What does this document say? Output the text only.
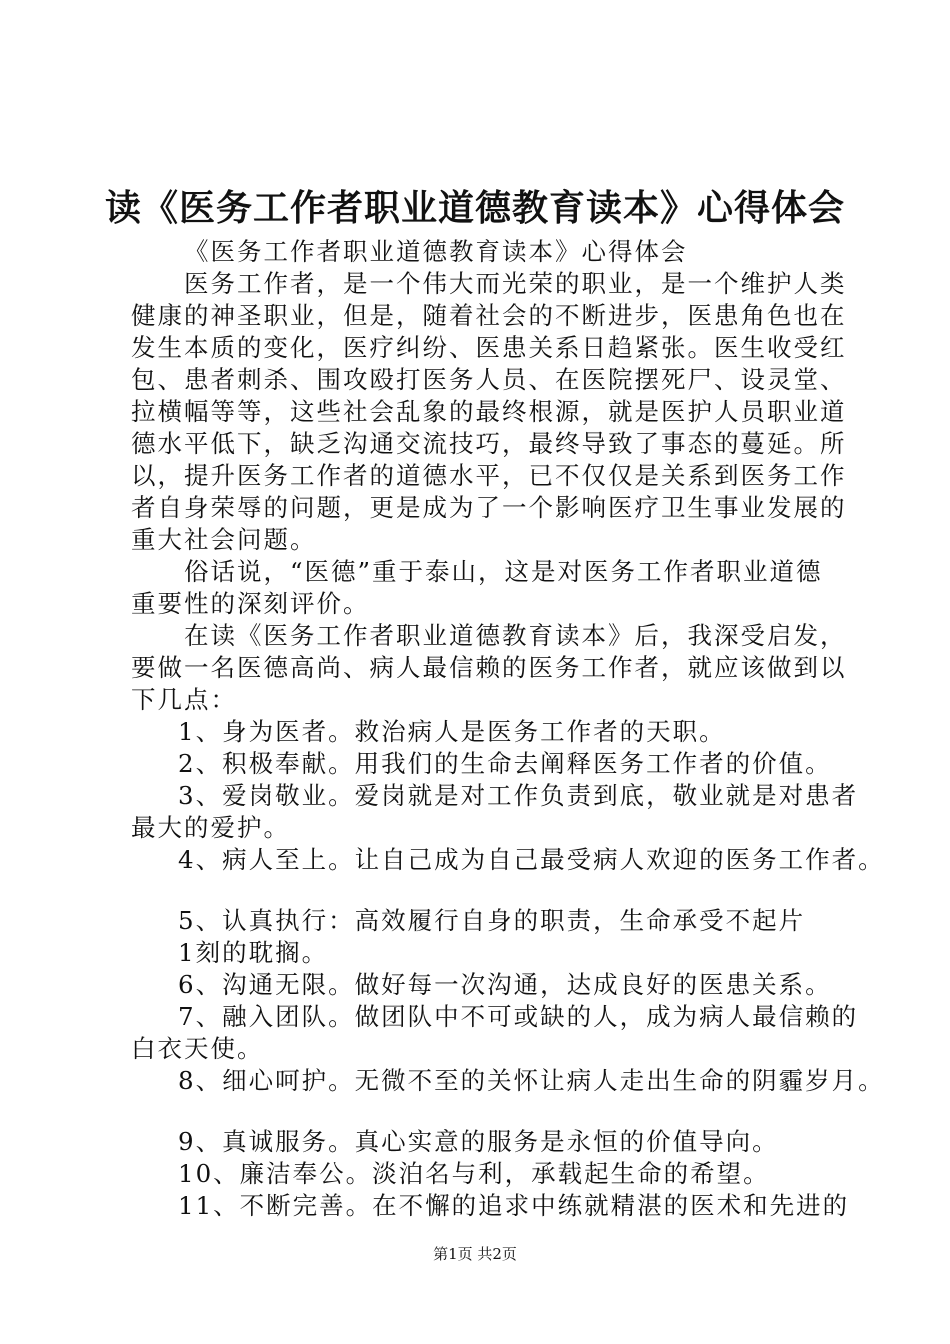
读《医务工作者职业道德教育读本》心得体会
《医务工作者职业道德教育读本》心得体会
医务工作者，是一个伟大而光荣的职业，是一个维护人类
健康的神圣职业，但是，随着社会的不断进步，医患角色也在
发生本质的变化，医疗纠纷、医患关系日趋紧张。医生收受红
包、患者刺杀、围攻殴打医务人员、在医院摆死尸、设灵堂、
拉横幅等等，这些社会乱象的最终根源，就是医护人员职业道
德水平低下，缺乏沟通交流技巧，最终导致了事态的蔓延。所
以，提升医务工作者的道德水平，已不仅仅是关系到医务工作
者自身荣辱的问题，更是成为了一个影响医疗卫生事业发展的
重大社会问题。
俗话说，“医德”重于泰山，这是对医务工作者职业道德
重要性的深刻评价。
在读《医务工作者职业道德教育读本》后，我深受启发，
要做一名医德高尚、病人最信赖的医务工作者，就应该做到以
下几点：
1、身为医者。救治病人是医务工作者的天职。
2、积极奉献。用我们的生命去阐释医务工作者的价值。
3、爱岗敬业。爱岗就是对工作负责到底，敬业就是对患者
最大的爱护。
4、病人至上。让自己成为自己最受病人欢迎的医务工作者。
5、认真执行：高效履行自身的职责，生命承受不起片
1刻的耽搁。
6、沟通无限。做好每一次沟通，达成良好的医患关系。
7、融入团队。做团队中不可或缺的人，成为病人最信赖的
白衣天使。
8、细心呵护。无微不至的关怀让病人走出生命的阴霾岁月。
9、真诚服务。真心实意的服务是永恒的价值导向。
10、廉洁奉公。淡泊名与利，承载起生命的希望。
11、不断完善。在不懈的追求中练就精湛的医术和先进的
第1页 共2页
